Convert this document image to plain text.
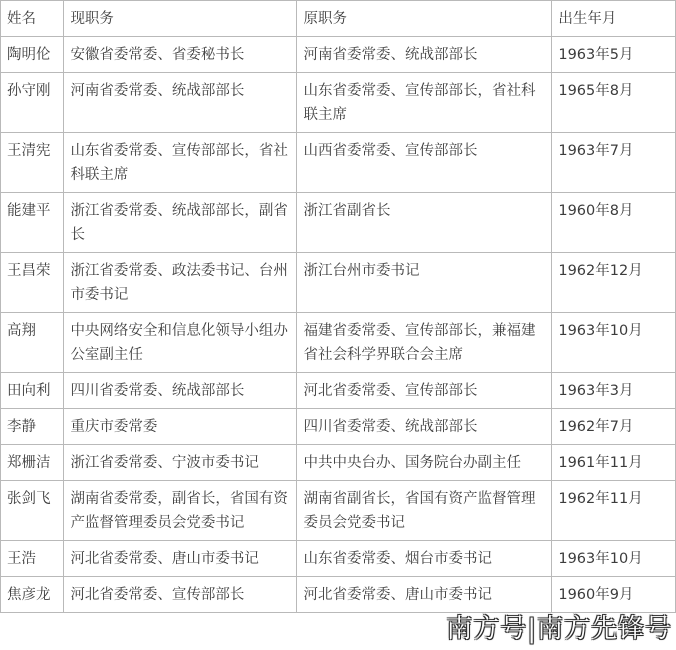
姓名	现职务	原职务	出生年月
陶明伦	安徽省委常委、省委秘书长	河南省委常委、统战部部长	1963年5月
孙守刚	河南省委常委、统战部部长	山东省委常委、宣传部部长，省社科联主席	1965年8月
王清宪	山东省委常委、宣传部部长，省社科联主席	山西省委常委、宣传部部长	1963年7月
能建平	浙江省委常委、统战部部长，副省长	浙江省副省长	1960年8月
王昌荣	浙江省委常委、政法委书记、台州市委书记	浙江台州市委书记	1962年12月
高翔	中央网络安全和信息化领导小组办公室副主任	福建省委常委、宣传部部长，兼福建省社会科学界联合会主席	1963年10月
田向利	四川省委常委、统战部部长	河北省委常委、宣传部部长	1963年3月
李静	重庆市委常委	四川省委常委、统战部部长	1962年7月
郑栅洁	浙江省委常委、宁波市委书记	中共中央台办、国务院台办副主任	1961年11月
张剑飞	湖南省委常委，副省长，省国有资产监督管理委员会党委书记	湖南省副省长，省国有资产监督管理委员会党委书记	1962年11月
王浩	河北省委常委、唐山市委书记	山东省委常委、烟台市委书记	1963年10月
焦彦龙	河北省委常委、宣传部部长	河北省委常委、唐山市委书记	1960年9月
南方号|南方先锋号
